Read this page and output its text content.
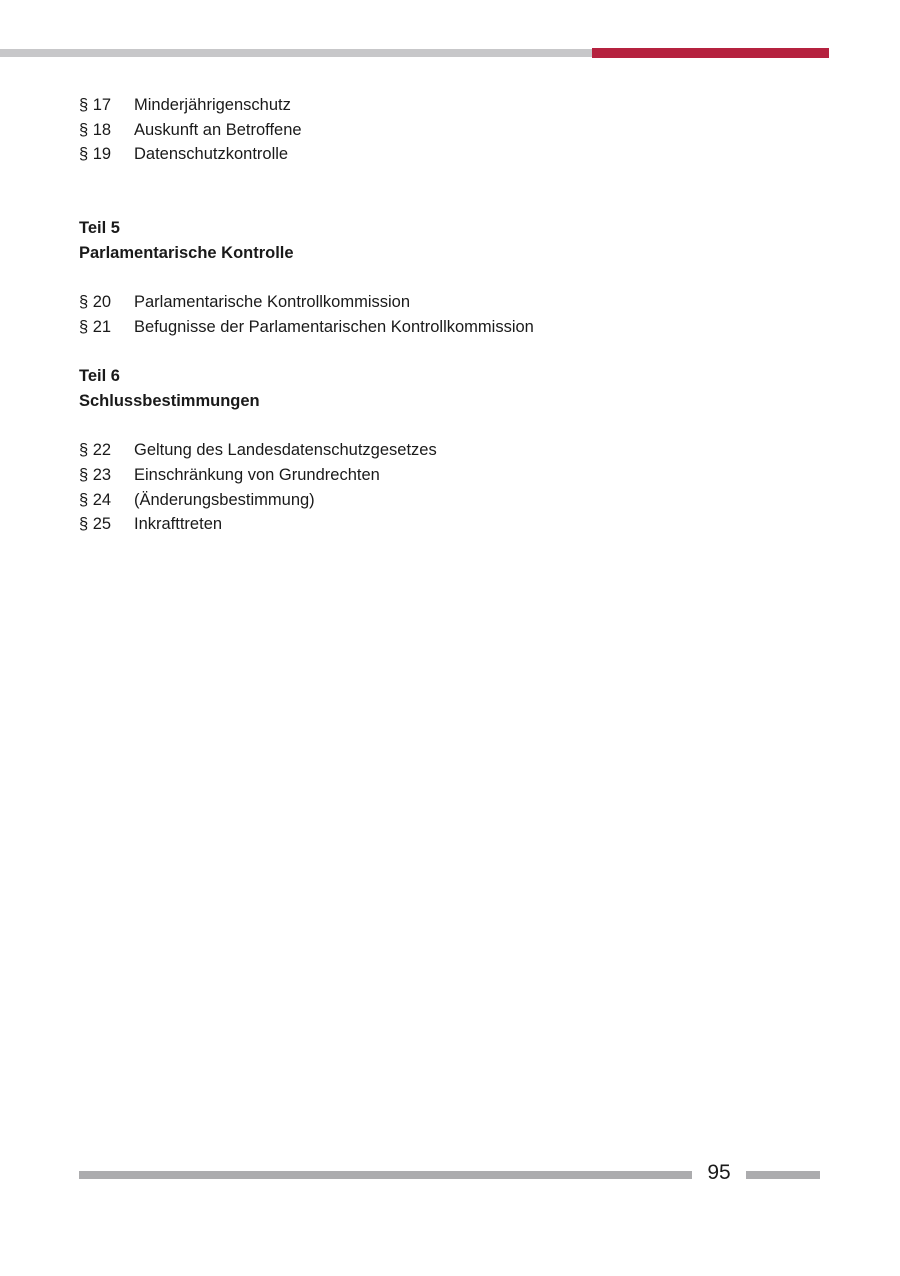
§ 17	Minderjährigenschutz
§ 18	Auskunft an Betroffene
§ 19	Datenschutzkontrolle
Teil 5
Parlamentarische Kontrolle
§ 20	Parlamentarische Kontrollkommission
§ 21	Befugnisse der Parlamentarischen Kontrollkommission
Teil 6
Schlussbestimmungen
§ 22	Geltung des Landesdatenschutzgesetzes
§ 23	Einschränkung von Grundrechten
§ 24	(Änderungsbestimmung)
§ 25	Inkrafttreten
95
